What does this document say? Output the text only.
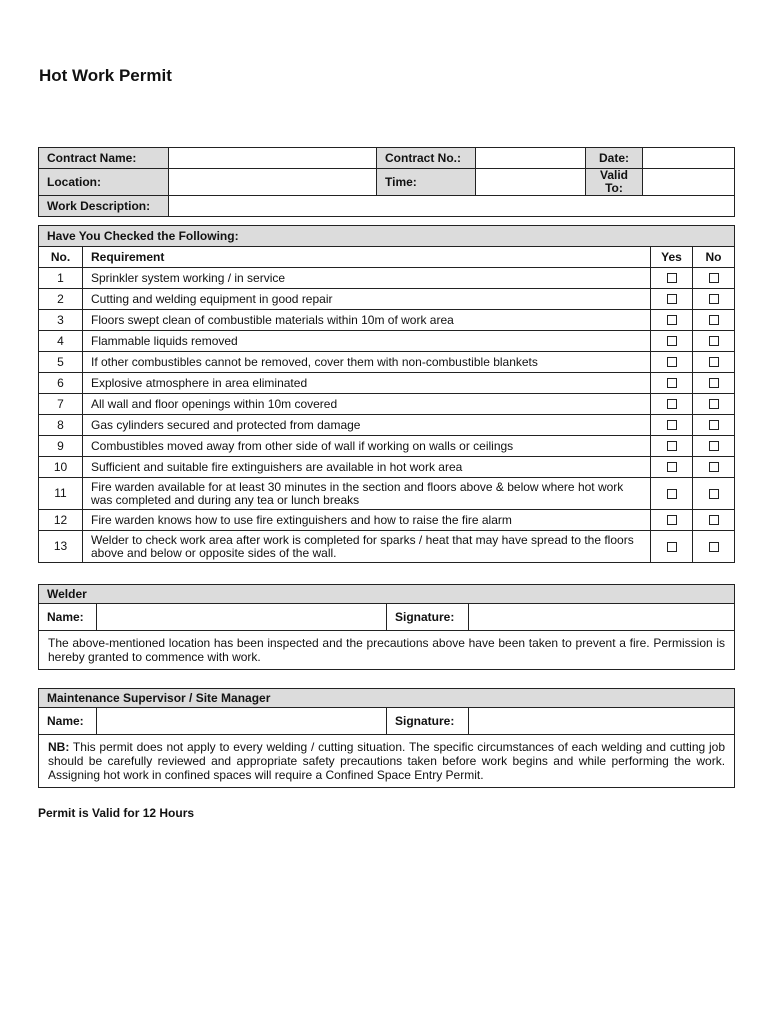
Hot Work Permit
Contract Name:		Contract No.:		Date:	
Location:		Time:		Valid To:	
Work Description:					
Have You Checked the Following:			
No.	Requirement	Yes	No
1	Sprinkler system working / in service		
2	Cutting and welding equipment in good repair		
3	Floors swept clean of combustible materials within 10m of work area		
4	Flammable liquids removed		
5	If other combustibles cannot be removed, cover them with non-combustible blankets		
6	Explosive atmosphere in area eliminated		
7	All wall and floor openings within 10m covered		
8	Gas cylinders secured and protected from damage		
9	Combustibles moved away from other side of wall if working on walls or ceilings		
10	Sufficient and suitable fire extinguishers are available in hot work area		
11	Fire warden available for at least 30 minutes in the section and floors above & below where hot work was completed and during any tea or lunch breaks		
12	Fire warden knows how to use fire extinguishers and how to raise the fire alarm		
13	Welder to check work area after work is completed for sparks / heat that may have spread to the floors above and below or opposite sides of the wall.		
Welder
Name:		Signature:	
The above-mentioned location has been inspected and the precautions above have been taken to prevent a fire. Permission is hereby granted to commence with work.
Maintenance Supervisor / Site Manager
Name:		Signature:	
NB: This permit does not apply to every welding / cutting situation. The specific circumstances of each welding and cutting job should be carefully reviewed and appropriate safety precautions taken before work begins and while performing the work. Assigning hot work in confined spaces will require a Confined Space Entry Permit.
Permit is Valid for 12 Hours
